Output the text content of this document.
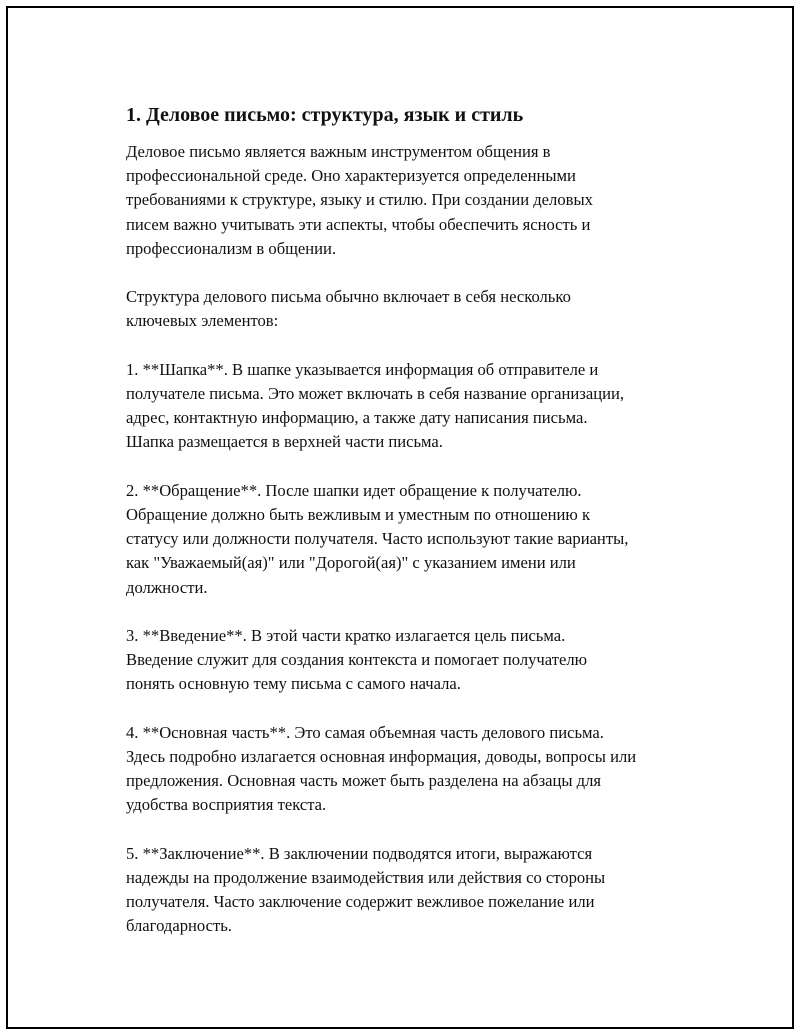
1. Деловое письмо: структура, язык и стиль
Деловое письмо является важным инструментом общения в
профессиональной среде. Оно характеризуется определенными
требованиями к структуре, языку и стилю. При создании деловых
писем важно учитывать эти аспекты, чтобы обеспечить ясность и
профессионализм в общении.
Структура делового письма обычно включает в себя несколько
ключевых элементов:
1. **Шапка**. В шапке указывается информация об отправителе и
получателе письма. Это может включать в себя название организации,
адрес, контактную информацию, а также дату написания письма.
Шапка размещается в верхней части письма.
2. **Обращение**. После шапки идет обращение к получателю.
Обращение должно быть вежливым и уместным по отношению к
статусу или должности получателя. Часто используют такие варианты,
как "Уважаемый(ая)" или "Дорогой(ая)" с указанием имени или
должности.
3. **Введение**. В этой части кратко излагается цель письма.
Введение служит для создания контекста и помогает получателю
понять основную тему письма с самого начала.
4. **Основная часть**. Это самая объемная часть делового письма.
Здесь подробно излагается основная информация, доводы, вопросы или
предложения. Основная часть может быть разделена на абзацы для
удобства восприятия текста.
5. **Заключение**. В заключении подводятся итоги, выражаются
надежды на продолжение взаимодействия или действия со стороны
получателя. Часто заключение содержит вежливое пожелание или
благодарность.
